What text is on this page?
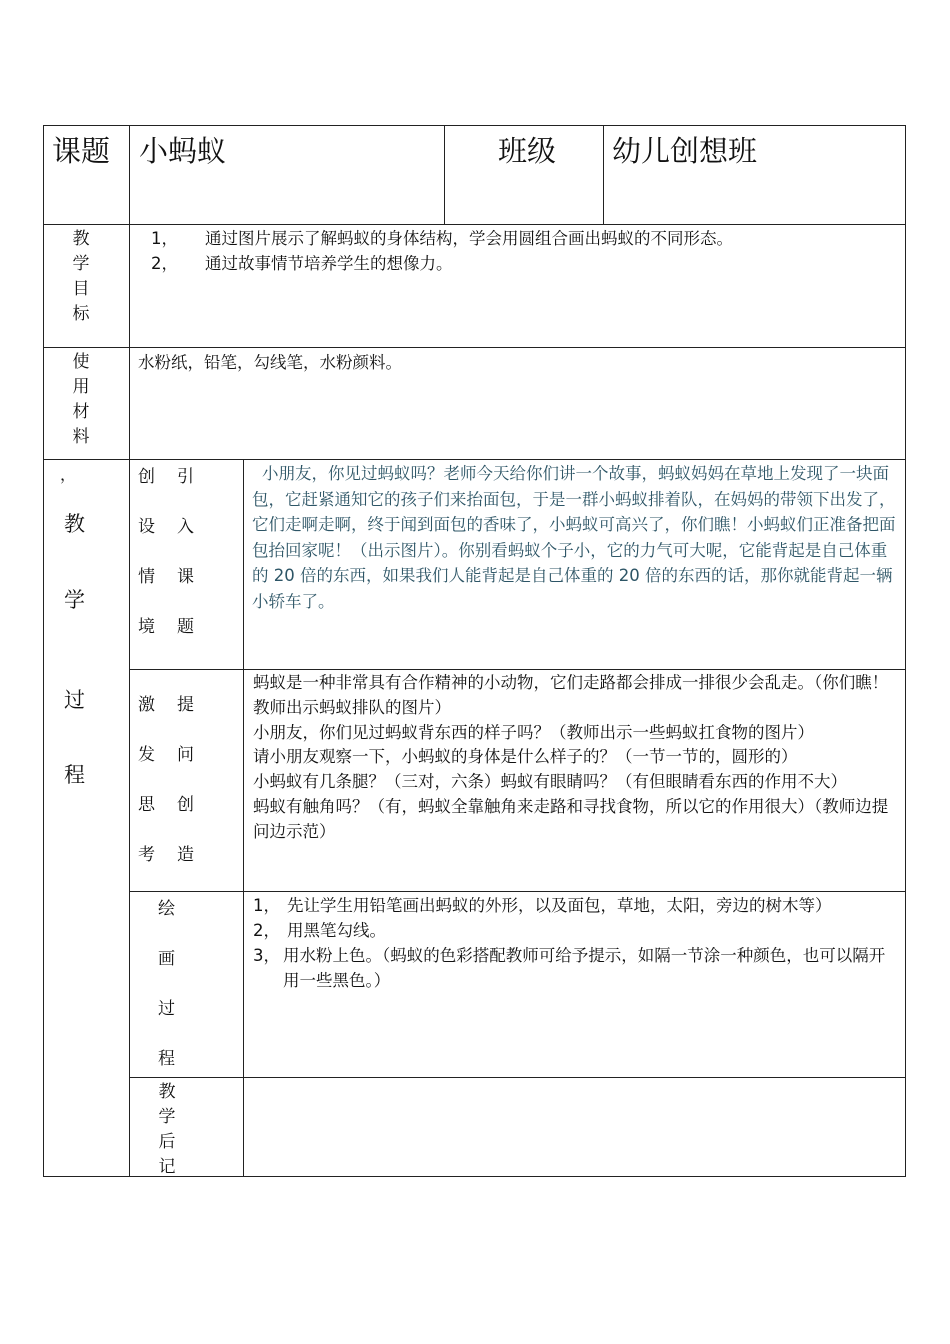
课题 小蚂蚁	班级 幼儿创想班
教学目标
1， 通过图片展示了解蚂蚁的身体结构，学会用圆组合画出蚂蚁的不同形态。
2， 通过故事情节培养学生的想像力。
使用材料
水粉纸，铅笔，勾线笔，水粉颜料。
，
教
学
过
程
创
设
情
境
引
入
课
题
小朋友，你见过蚂蚁吗？老师今天给你们讲一个故事，蚂蚁妈妈在草地上发现了一块面包，它赶紧通知它的孩子们来抬面包，于是一群小蚂蚁排着队，在妈妈的带领下出发了，它们走啊走啊，终于闻到面包的香味了，小蚂蚁可高兴了，你们瞧！小蚂蚁们正准备把面包抬回家呢！（出示图片）。你别看蚂蚁个子小，它的力气可大呢，它能背起是自己体重的 20 倍的东西，如果我们人能背起是自己体重的 20 倍的东西的话，那你就能背起一辆小轿车了。
激
发
思
考
提
问
创
造

蚂蚁是一种非常具有合作精神的小动物，它们走路都会排成一排很少会乱走。（你们瞧！教师出示蚂蚁排队的图片）

小朋友，你们见过蚂蚁背东西的样子吗？（教师出示一些蚂蚁扛食物的图片）

请小朋友观察一下，小蚂蚁的身体是什么样子的？（一节一节的，圆形的）

小蚂蚁有几条腿？（三对，六条）蚂蚁有眼睛吗？（有但眼睛看东西的作用不大）

蚂蚁有触角吗？（有，蚂蚁全靠触角来走路和寻找食物，所以它的作用很大）（教师边提问边示范）

绘
画
过
程
1， 先让学生用铅笔画出蚂蚁的外形，以及面包，草地，太阳，旁边的树木等）
2， 用黑笔勾线。
3， 用水粉上色。（蚂蚁的色彩搭配教师可给予提示，如隔一节涂一种颜色，也可以隔开用一些黑色。）
教学后记
